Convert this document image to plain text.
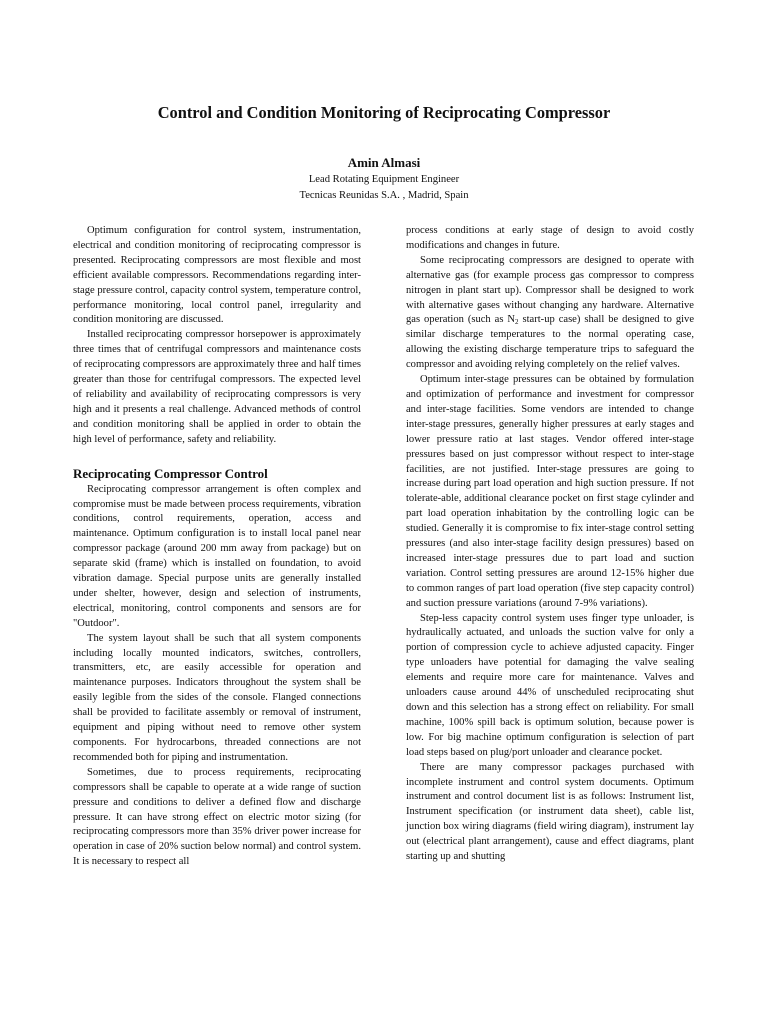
Control and Condition Monitoring of Reciprocating Compressor

Amin Almasi

Lead Rotating Equipment Engineer

Tecnicas Reunidas S.A. , Madrid, Spain

Optimum configuration for control system, instrumentation, electrical and condition monitoring of reciprocating compressor is presented. Reciprocating compressors are most flexible and most efficient available compressors. Recommendations regarding inter-stage pressure control, capacity control system, temperature control, performance monitoring, local control panel, irregularity and condition monitoring are discussed.

Installed reciprocating compressor horsepower is approximately three times that of centrifugal compressors and maintenance costs of reciprocating compressors are approximately three and half times greater than those for centrifugal compressors. The expected level of reliability and availability of reciprocating compressors is very high and it presents a real challenge. Advanced methods of control and condition monitoring shall be applied in order to obtain the high level of performance, safety and reliability.

Reciprocating Compressor Control

Reciprocating compressor arrangement is often complex and compromise must be made between process requirements, vibration conditions, control requirements, operation, access and maintenance. Optimum configuration is to install local panel near compressor package (around 200 mm away from package) but on separate skid (frame) which is installed on foundation, to avoid vibration damage. Special purpose units are generally installed under shelter, however, design and selection of instruments, electrical, monitoring, control components and sensors are for "Outdoor".

The system layout shall be such that all system components including locally mounted indicators, switches, controllers, transmitters, etc, are easily accessible for operation and maintenance purposes. Indicators throughout the system shall be easily legible from the sides of the console. Flanged connections shall be provided to facilitate assembly or removal of instrument, equipment and piping without need to remove other system components. For hydrocarbons, threaded connections are not recommended both for piping and instrumentation.

Sometimes, due to process requirements, reciprocating compressors shall be capable to operate at a wide range of suction pressure and conditions to deliver a defined flow and discharge pressure. It can have strong effect on electric motor sizing (for reciprocating compressors more than 35% driver power increase for operation in case of 20% suction below normal) and control system. It is necessary to respect all

process conditions at early stage of design to avoid costly modifications and changes in future.

Some reciprocating compressors are designed to operate with alternative gas (for example process gas compressor to compress nitrogen in plant start up). Compressor shall be designed to work with alternative gases without changing any hardware. Alternative gas operation (such as $N_2$ start-up case) shall be designed to give similar discharge temperatures to the normal operating case, allowing the existing discharge temperature trips to safeguard the compressor and avoiding relying completely on the relief valves.

Optimum inter-stage pressures can be obtained by formulation and optimization of performance and investment for compressor and inter-stage facilities. Some vendors are intended to change inter-stage pressures, generally higher pressures at early stages and lower pressure ratio at last stages. Vendor offered inter-stage pressures based on just compressor without respect to inter-stage facilities, are not justified. Inter-stage pressures are going to increase during part load operation and high suction pressure. If not tolerate-able, additional clearance pocket on first stage cylinder and part load operation inhabitation by the controlling logic can be studied. Generally it is compromise to fix inter-stage control setting pressures (and also inter-stage facility design pressures) based on increased inter-stage pressures due to part load and suction variation. Control setting pressures are around 12-15% higher due to common ranges of part load operation (five step capacity control) and suction pressure variations (around 7-9% variations).

Step-less capacity control system uses finger type unloader, is hydraulically actuated, and unloads the suction valve for only a portion of compression cycle to achieve adjusted capacity. Finger type unloaders have potential for damaging the valve sealing elements and require more care for maintenance. Valves and unloaders cause around 44% of unscheduled reciprocating shut down and this selection has a strong effect on reliability. For small machine, 100% spill back is optimum solution, because power is low. For big machine optimum configuration is selection of part load steps based on plug/port unloader and clearance pocket.

There are many compressor packages purchased with incomplete instrument and control system documents. Optimum instrument and control document list is as follows: Instrument list, Instrument specification (or instrument data sheet), cable list, junction box wiring diagrams (field wiring diagram), instrument lay out (electrical plant arrangement), cause and effect diagrams, plant starting up and shutting
